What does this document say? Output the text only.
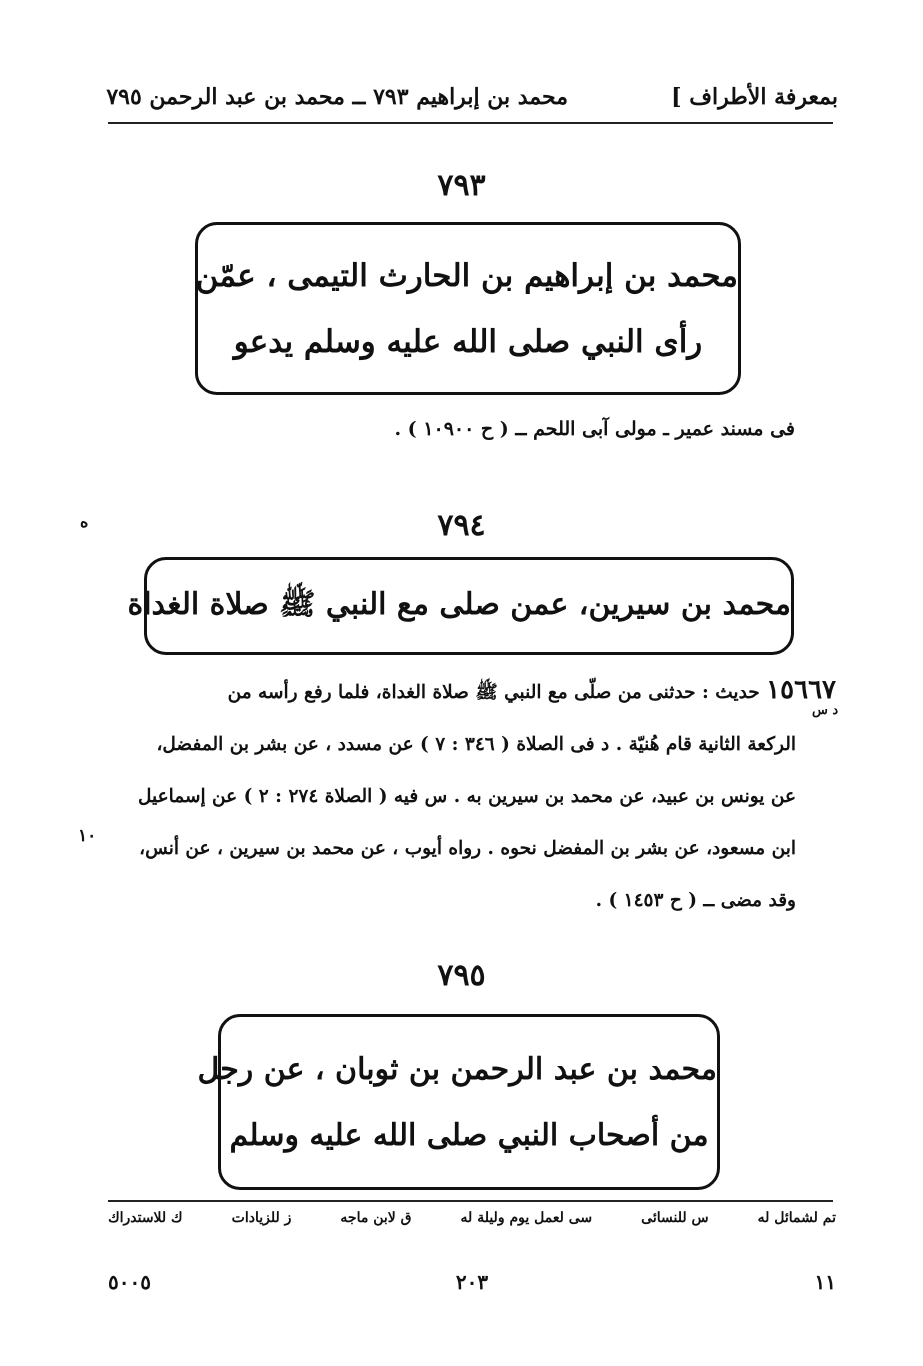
بمعرفة الأطراف ]
محمد بن إبراهيم ٧٩٣ ــ محمد بن عبد الرحمن ٧٩٥
٧٩٣
محمد بن إبراهيم بن الحارث التيمى ، عمّن
رأى النبي صلى الله عليه وسلم يدعو
فى مسند عمير ـ مولى آبى اللحم ــ ( ح ١٠٩٠٠ ) .
ه	٧٩٤
محمد بن سيرين، عمن صلى مع النبي ﷺ صلاة الغداة
١٥٦٦٧ حديث : حدثنى من صلّى مع النبي ﷺ صلاة الغداة، فلما رفع رأسه من
الركعة الثانية قام هُنيّة . د فى الصلاة ( ٣٤٦ : ٧ ) عن مسدد ، عن بشر بن المفضل،
عن يونس بن عبيد، عن محمد بن سيرين به . س فيه ( الصلاة ٢٧٤ : ٢ ) عن إسماعيل
ابن مسعود، عن بشر بن المفضل نحوه . رواه أيوب ، عن محمد بن سيرين ، عن أنس،
وقد مضى ــ ( ح ١٤٥٣ ) .
د س
١٠
٧٩٥
محمد بن عبد الرحمن بن ثوبان ، عن رجل
من أصحاب النبي صلى الله عليه وسلم
تم لشمائل له
س للنسائى
سى لعمل يوم وليلة له
ق لابن ماجه
ز للزيادات
ك للاستدراك
١١
٢٠٣
٥٠٠٥
